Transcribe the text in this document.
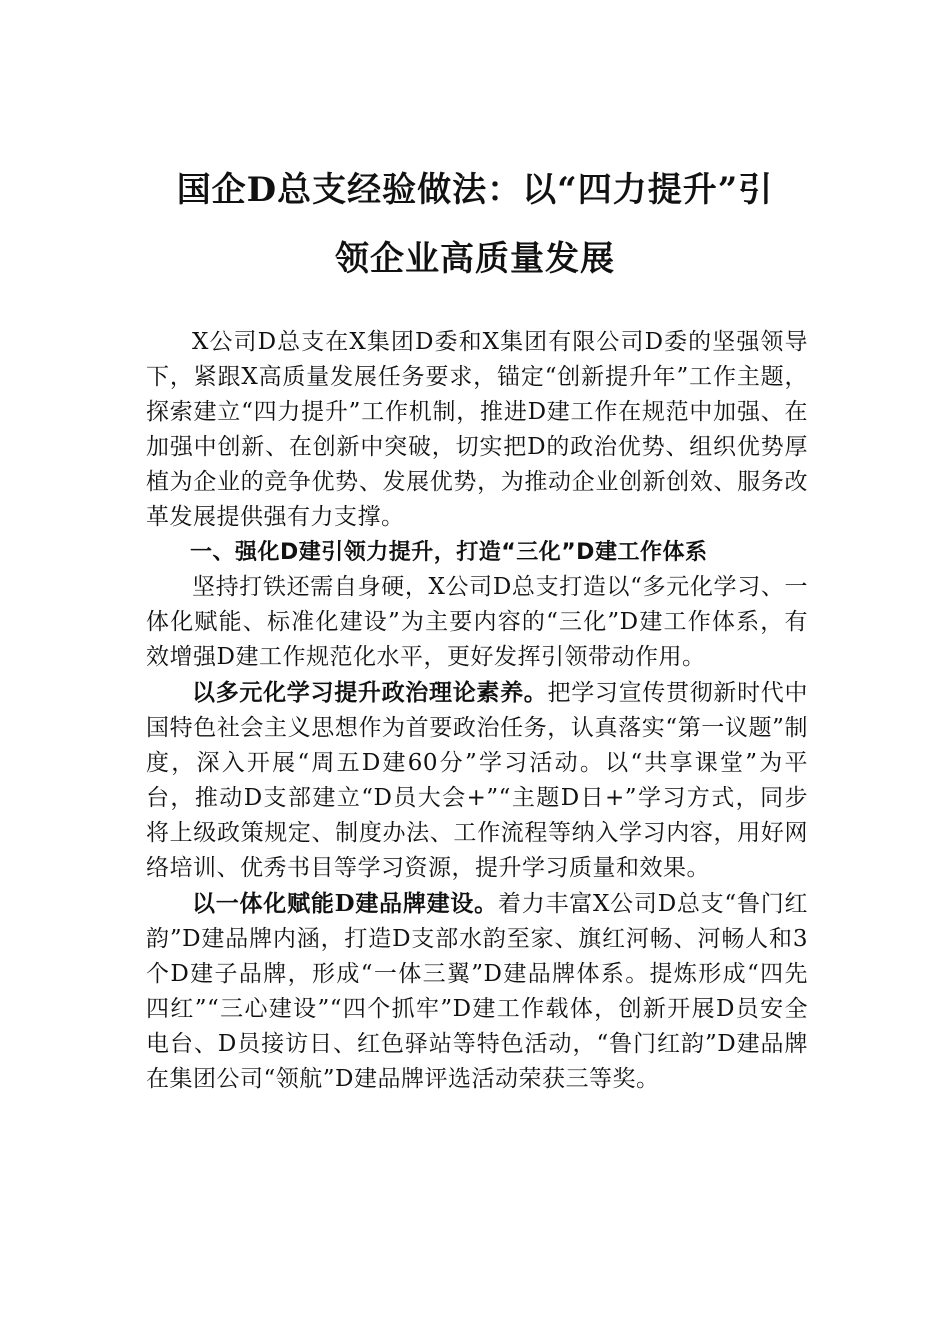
国企D总支经验做法：以“四力提升”引
领企业高质量发展

X公司D总支在X集团D委和X集团有限公司D委的坚强领导下，紧跟X高质量发展任务要求，锚定“创新提升年”工作主题，探索建立“四力提升”工作机制，推进D建工作在规范中加强、在加强中创新、在创新中突破，切实把D的政治优势、组织优势厚植为企业的竞争优势、发展优势，为推动企业创新创效、服务改革发展提供强有力支撑。

一、强化D建引领力提升，打造“三化”D建工作体系

坚持打铁还需自身硬，X公司D总支打造以“多元化学习、一体化赋能、标准化建设”为主要内容的“三化”D建工作体系，有效增强D建工作规范化水平，更好发挥引领带动作用。

以多元化学习提升政治理论素养。把学习宣传贯彻新时代中国特色社会主义思想作为首要政治任务，认真落实“第一议题”制度，深入开展“周五D建60分”学习活动。以“共享课堂”为平台，推动D支部建立“D员大会+”“主题D日+”学习方式，同步将上级政策规定、制度办法、工作流程等纳入学习内容，用好网络培训、优秀书目等学习资源，提升学习质量和效果。

以一体化赋能D建品牌建设。着力丰富X公司D总支“鲁门红韵”D建品牌内涵，打造D支部水韵至家、旗红河畅、河畅人和3个D建子品牌，形成“一体三翼”D建品牌体系。提炼形成“四先四红”“三心建设”“四个抓牢”D建工作载体，创新开展D员安全电台、D员接访日、红色驿站等特色活动，“鲁门红韵”D建品牌在集团公司“领航”D建品牌评选活动荣获三等奖。
